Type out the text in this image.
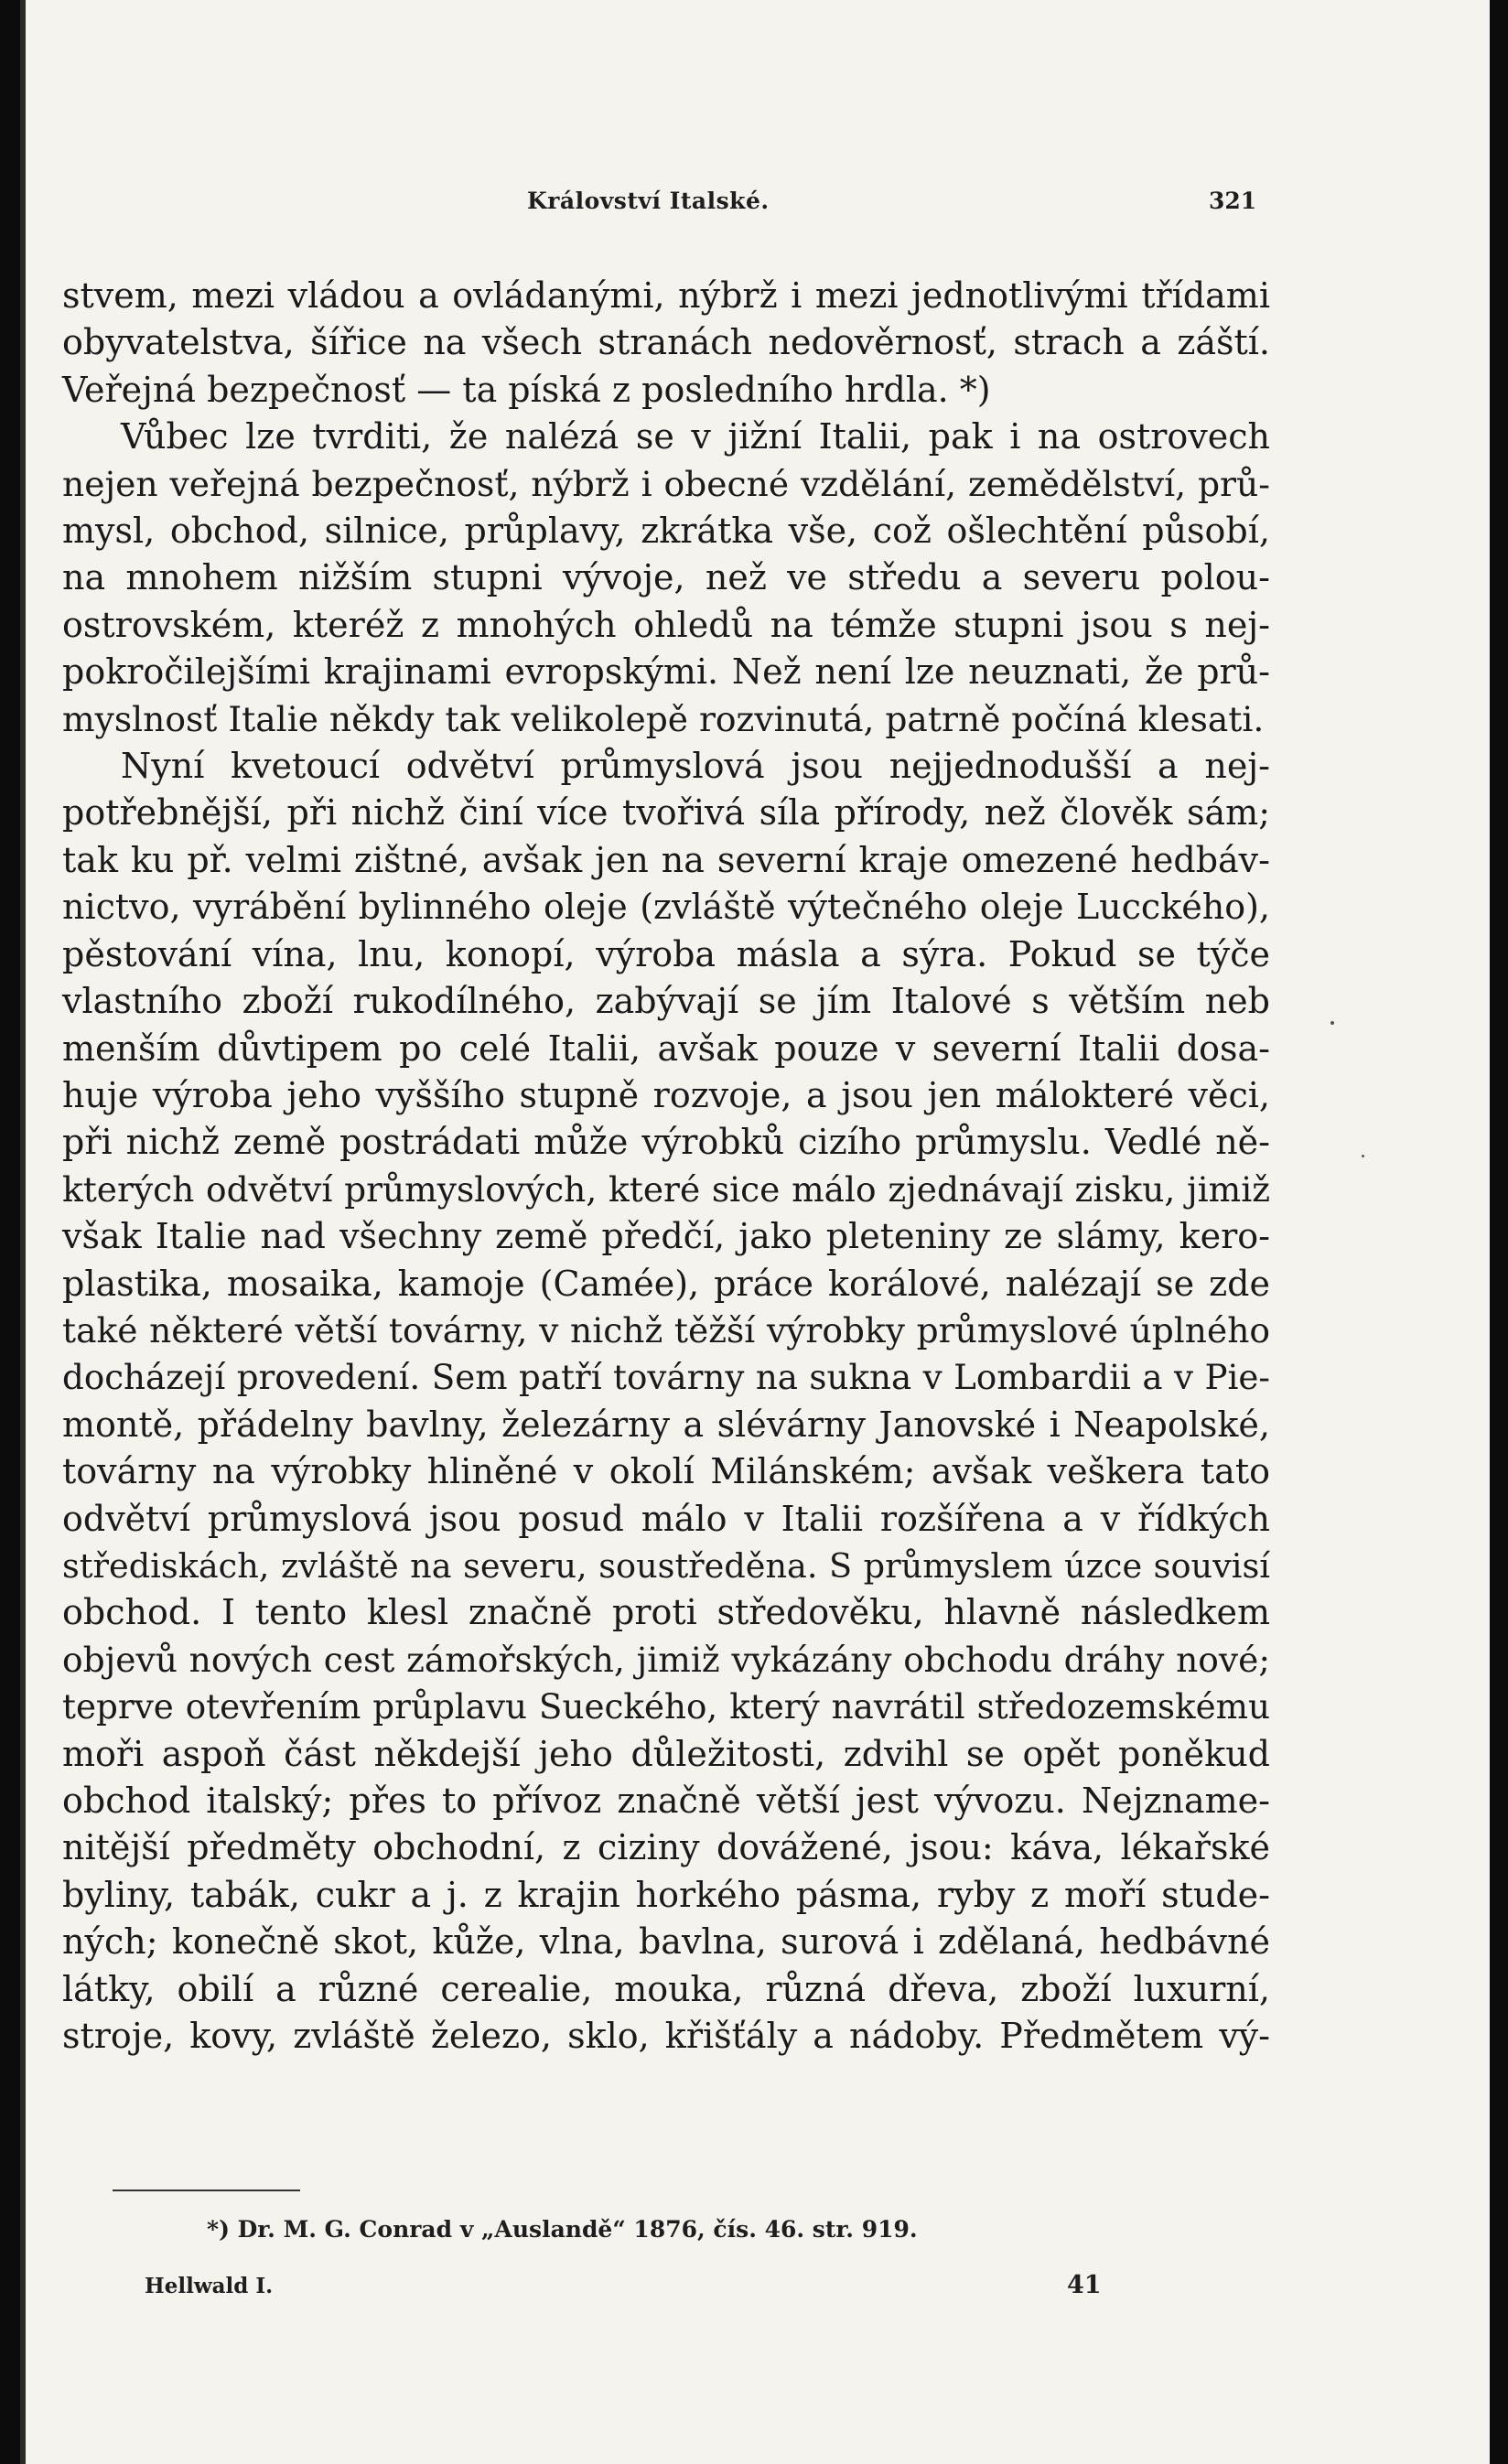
Království Italské.	321
stvem, mezi vládou a ovládanými, nýbrž i mezi jednotlivými třídami
obyvatelstva, šířice na všech stranách nedověrnosť, strach a záští.
Veřejná bezpečnosť — ta píská z posledního hrdla. *)
Vůbec lze tvrditi, že nalézá se v jižní Italii, pak i na ostrovech
nejen veřejná bezpečnosť, nýbrž i obecné vzdělání, zemědělství, prů-
mysl, obchod, silnice, průplavy, zkrátka vše, což ošlechtění působí,
na mnohem nižším stupni vývoje, než ve středu a severu polou-
ostrovském, kteréž z mnohých ohledů na témže stupni jsou s nej-
pokročilejšími krajinami evropskými. Než není lze neuznati, že prů-
myslnosť Italie někdy tak velikolepě rozvinutá, patrně počíná klesati.
Nyní kvetoucí odvětví průmyslová jsou nejjednodušší a nej-
potřebnější, při nichž činí více tvořivá síla přírody, než člověk sám;
tak ku př. velmi zištné, avšak jen na severní kraje omezené hedbáv-
nictvo, vyrábění bylinného oleje (zvláště výtečného oleje Lucckého),
pěstování vína, lnu, konopí, výroba másla a sýra. Pokud se týče
vlastního zboží rukodílného, zabývají se jím Italové s větším neb
menším důvtipem po celé Italii, avšak pouze v severní Italii dosa-
huje výroba jeho vyššího stupně rozvoje, a jsou jen málokteré věci,
při nichž země postrádati může výrobků cizího průmyslu. Vedlé ně-
kterých odvětví průmyslových, které sice málo zjednávají zisku, jimiž
však Italie nad všechny země předčí, jako pleteniny ze slámy, kero-
plastika, mosaika, kamoje (Camée), práce korálové, nalézají se zde
také některé větší továrny, v nichž těžší výrobky průmyslové úplného
docházejí provedení. Sem patří továrny na sukna v Lombardii a v Pie-
montě, přádelny bavlny, železárny a slévárny Janovské i Neapolské,
továrny na výrobky hliněné v okolí Milánském; avšak veškera tato
odvětví průmyslová jsou posud málo v Italii rozšířena a v řídkých
střediskách, zvláště na severu, soustředěna. S průmyslem úzce souvisí
obchod. I tento klesl značně proti středověku, hlavně následkem
objevů nových cest zámořských, jimiž vykázány obchodu dráhy nové;
teprve otevřením průplavu Sueckého, který navrátil středozemskému
moři aspoň část někdejší jeho důležitosti, zdvihl se opět poněkud
obchod italský; přes to přívoz značně větší jest vývozu. Nejzname-
nitější předměty obchodní, z ciziny dovážené, jsou: káva, lékařské
byliny, tabák, cukr a j. z krajin horkého pásma, ryby z moří stude-
ných; konečně skot, kůže, vlna, bavlna, surová i zdělaná, hedbávné
látky, obilí a různé cerealie, mouka, různá dřeva, zboží luxurní,
stroje, kovy, zvláště železo, sklo, křišťály a nádoby. Předmětem vý-
*) Dr. M. G. Conrad v „Auslandě“ 1876, čís. 46. str. 919.
Hellwald I.	41
